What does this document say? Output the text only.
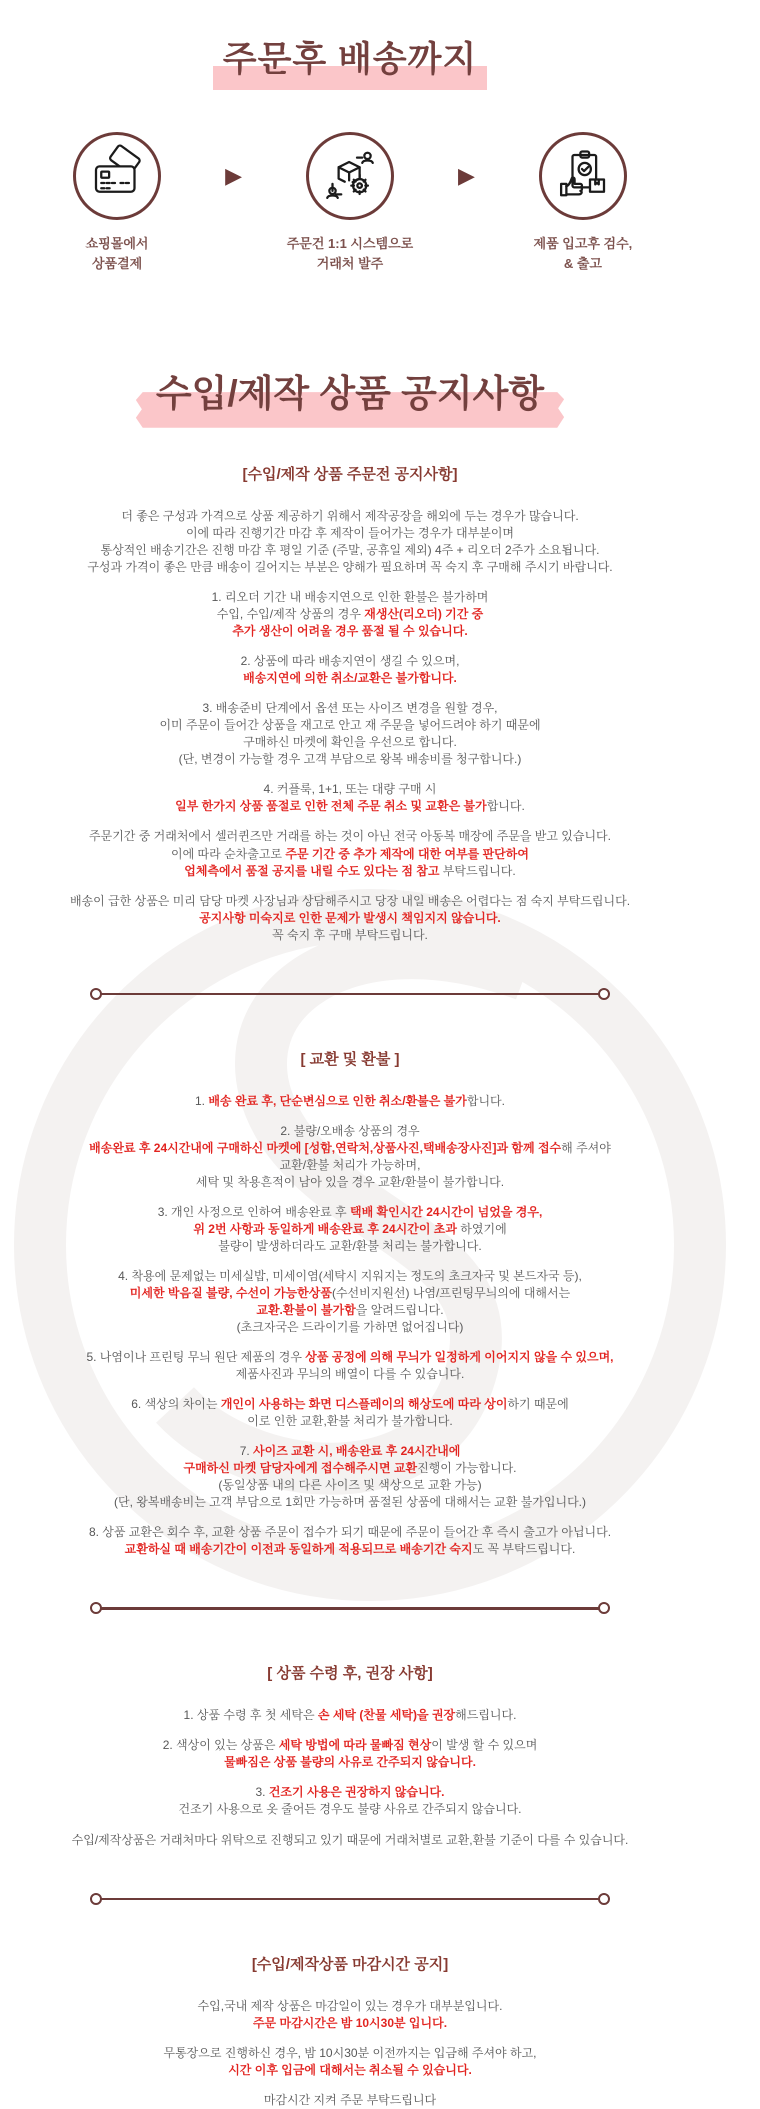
주문후 배송까지
쇼핑몰에서
상품결제
▶
주문건 1:1 시스템으로
거래처 발주
▶
제품 입고후 검수,
& 출고
수입/제작 상품 공지사항
[수입/제작 상품 주문전 공지사항]

더 좋은 구성과 가격으로 상품 제공하기 위해서 제작공장을 해외에 두는 경우가 많습니다.
이에 따라 진행기간 마감 후 제작이 들어가는 경우가 대부분이며
통상적인 배송기간은 진행 마감 후 평일 기준 (주말, 공휴일 제외) 4주 + 리오더 2주가 소요됩니다.
구성과 가격이 좋은 만큼 배송이 길어지는 부분은 양해가 필요하며 꼭 숙지 후 구매해 주시기 바랍니다.

1. 리오더 기간 내 배송지연으로 인한 환불은 불가하며
수입, 수입/제작 상품의 경우 재생산(리오더) 기간 중
추가 생산이 어려울 경우 품절 될 수 있습니다.

2. 상품에 따라 배송지연이 생길 수 있으며,
배송지연에 의한 취소/교환은 불가합니다.

3. 배송준비 단계에서 옵션 또는 사이즈 변경을 원할 경우,
이미 주문이 들어간 상품을 재고로 안고 재 주문을 넣어드려야 하기 때문에
구매하신 마켓에 확인을 우선으로 합니다.
(단, 변경이 가능할 경우 고객 부담으로 왕복 배송비를 청구합니다.)

4. 커플룩, 1+1, 또는 대량 구매 시
일부 한가지 상품 품절로 인한 전체 주문 취소 및 교환은 불가합니다.

주문기간 중 거래처에서 셀러퀸즈만 거래를 하는 것이 아닌 전국 아동복 매장에 주문을 받고 있습니다.
이에 따라 순차출고로 주문 기간 중 추가 제작에 대한 여부를 판단하여
업체측에서 품절 공지를 내릴 수도 있다는 점 참고 부탁드립니다.

배송이 급한 상품은 미리 담당 마켓 사장님과 상담해주시고 당장 내일 배송은 어렵다는 점 숙지 부탁드립니다.
공지사항 미숙지로 인한 문제가 발생시 책임지지 않습니다.
꼭 숙지 후 구매 부탁드립니다.

[ 교환 및 환불 ]

1. 배송 완료 후, 단순변심으로 인한 취소/환불은 불가합니다.

2. 불량/오배송 상품의 경우
배송완료 후 24시간내에 구매하신 마켓에 [성함,연락처,상품사진,택배송장사진]과 함께 접수해 주셔야
교환/환불 처리가 가능하며,
세탁 및 착용흔적이 남아 있을 경우 교환/환불이 불가합니다.

3. 개인 사정으로 인하여 배송완료 후 택배 확인시간 24시간이 넘었을 경우,
위 2번 사항과 동일하게 배송완료 후 24시간이 초과 하였기에
불량이 발생하더라도 교환/환불 처리는 불가합니다.

4. 착용에 문제없는 미세실밥, 미세이염(세탁시 지워지는 정도의 초크자국 및 본드자국 등),
미세한 박음질 불량, 수선이 가능한상품(수선비지원선) 나염/프린팅무늬의에 대해서는
교환.환불이 불가함을 알려드립니다.
(초크자국은 드라이기를 가하면 없어집니다)

5. 나염이나 프린팅 무늬 원단 제품의 경우 상품 공정에 의해 무늬가 일정하게 이어지지 않을 수 있으며,
제품사진과 무늬의 배열이 다를 수 있습니다.

6. 색상의 차이는 개인이 사용하는 화면 디스플레이의 해상도에 따라 상이하기 때문에
이로 인한 교환,환불 처리가 불가합니다.

7. 사이즈 교환 시, 배송완료 후 24시간내에
구매하신 마켓 담당자에게 접수해주시면 교환진행이 가능합니다.
(동일상품 내의 다른 사이즈 및 색상으로 교환 가능)
(단, 왕복배송비는 고객 부담으로 1회만 가능하며 품절된 상품에 대해서는 교환 불가입니다.)

8. 상품 교환은 회수 후, 교환 상품 주문이 접수가 되기 때문에 주문이 들어간 후 즉시 출고가 아닙니다.
교환하실 때 배송기간이 이전과 동일하게 적용되므로 배송기간 숙지도 꼭 부탁드립니다.

[ 상품 수령 후, 권장 사항]

1. 상품 수령 후 첫 세탁은 손 세탁 (찬물 세탁)을 권장해드립니다.

2. 색상이 있는 상품은 세탁 방법에 따라 물빠짐 현상이 발생 할 수 있으며
물빠짐은 상품 불량의 사유로 간주되지 않습니다.

3. 건조기 사용은 권장하지 않습니다.
건조기 사용으로 옷 줄어든 경우도 불량 사유로 간주되지 않습니다.

수입/제작상품은 거래처마다 위탁으로 진행되고 있기 때문에 거래처별로 교환,환불 기준이 다를 수 있습니다.

[수입/제작상품 마감시간 공지]

수입,국내 제작 상품은 마감일이 있는 경우가 대부분입니다.
주문 마감시간은 밤 10시30분 입니다.

무통장으로 진행하신 경우, 밤 10시30분 이전까지는 입금해 주셔야 하고,
시간 이후 입금에 대해서는 취소될 수 있습니다.

마감시간 지켜 주문 부탁드립니다
